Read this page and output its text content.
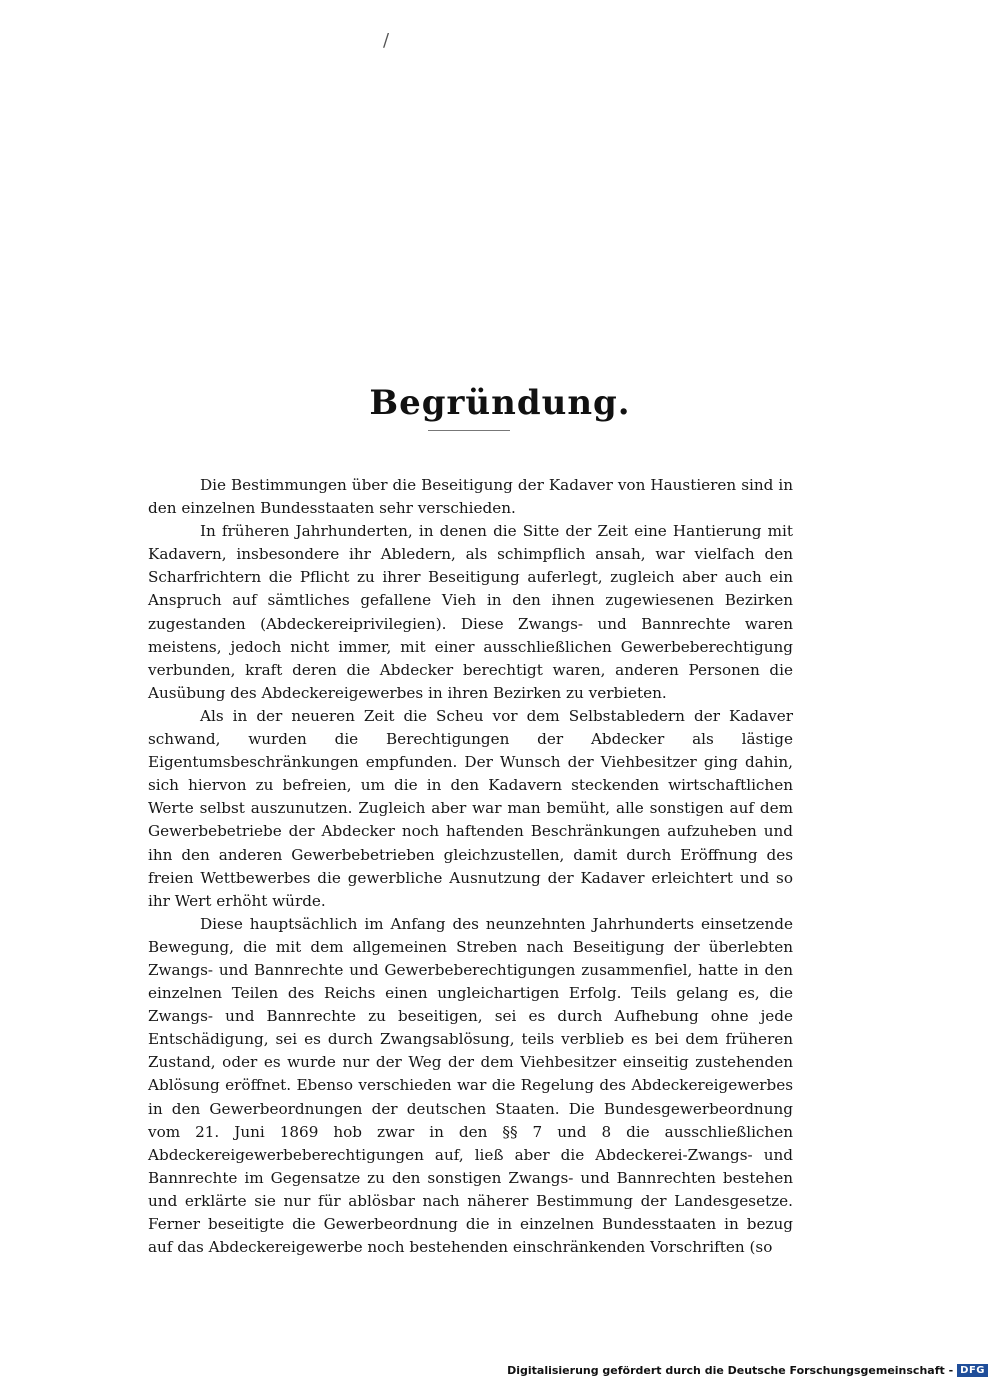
/
Begründung.

Die Bestimmungen über die Beseitigung der Kadaver von Haustieren sind in den einzelnen Bundesstaaten sehr verschieden.

In früheren Jahrhunderten, in denen die Sitte der Zeit eine Hantierung mit Kadavern, insbesondere ihr Abledern, als schimpflich ansah, war vielfach den Scharfrichtern die Pflicht zu ihrer Beseitigung auferlegt, zugleich aber auch ein Anspruch auf sämtliches gefallene Vieh in den ihnen zugewiesenen Bezirken zugestanden (Abdeckereiprivilegien). Diese Zwangs- und Bannrechte waren meistens, jedoch nicht immer, mit einer ausschließlichen Gewerbeberechtigung verbunden, kraft deren die Abdecker berechtigt waren, anderen Personen die Ausübung des Abdeckereigewerbes in ihren Bezirken zu verbieten.

Als in der neueren Zeit die Scheu vor dem Selbstabledern der Kadaver schwand, wurden die Berechtigungen der Abdecker als lästige Eigentumsbeschränkungen empfunden. Der Wunsch der Viehbesitzer ging dahin, sich hiervon zu befreien, um die in den Kadavern steckenden wirtschaftlichen Werte selbst auszunutzen. Zugleich aber war man bemüht, alle sonstigen auf dem Gewerbebetriebe der Abdecker noch haftenden Beschränkungen aufzuheben und ihn den anderen Gewerbebetrieben gleichzustellen, damit durch Eröffnung des freien Wettbewerbes die gewerbliche Ausnutzung der Kadaver erleichtert und so ihr Wert erhöht würde.

Diese hauptsächlich im Anfang des neunzehnten Jahrhunderts einsetzende Bewegung, die mit dem allgemeinen Streben nach Beseitigung der überlebten Zwangs- und Bannrechte und Gewerbeberechtigungen zusammenfiel, hatte in den einzelnen Teilen des Reichs einen ungleichartigen Erfolg. Teils gelang es, die Zwangs- und Bannrechte zu beseitigen, sei es durch Aufhebung ohne jede Entschädigung, sei es durch Zwangsablösung, teils verblieb es bei dem früheren Zustand, oder es wurde nur der Weg der dem Viehbesitzer einseitig zustehenden Ablösung eröffnet. Ebenso verschieden war die Regelung des Abdeckereigewerbes in den Gewerbeordnungen der deutschen Staaten. Die Bundesgewerbeordnung vom 21. Juni 1869 hob zwar in den §§ 7 und 8 die ausschließlichen Abdeckereigewerbeberechtigungen auf, ließ aber die Abdeckerei-Zwangs- und Bannrechte im Gegensatze zu den sonstigen Zwangs- und Bannrechten bestehen und erklärte sie nur für ablösbar nach näherer Bestimmung der Landesgesetze. Ferner beseitigte die Gewerbeordnung die in einzelnen Bundesstaaten in bezug auf das Abdeckereigewerbe noch bestehenden einschränkenden Vorschriften (so

Digitalisierung gefördert durch die Deutsche Forschungsgemeinschaft - DFG
